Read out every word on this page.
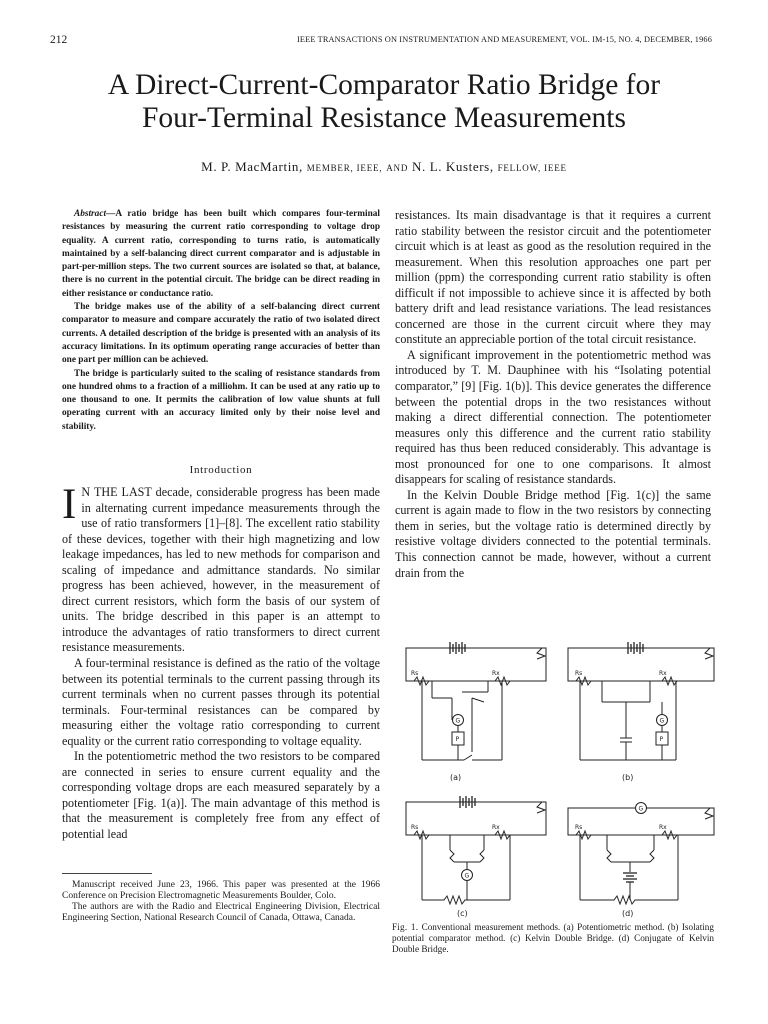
212	IEEE TRANSACTIONS ON INSTRUMENTATION AND MEASUREMENT, VOL. IM-15, NO. 4, DECEMBER, 1966
A Direct-Current-Comparator Ratio Bridge for
Four-Terminal Resistance Measurements
M. P. MacMartin, MEMBER, IEEE, AND N. L. Kusters, FELLOW, IEEE

Abstract—A ratio bridge has been built which compares four-terminal resistances by measuring the current ratio corresponding to voltage drop equality. A current ratio, corresponding to turns ratio, is automatically maintained by a self-balancing direct current comparator and is adjustable in part-per-million steps. The two current sources are isolated so that, at balance, there is no current in the potential circuit. The bridge can be direct reading in either resistance or conductance ratio.

The bridge makes use of the ability of a self-balancing direct current comparator to measure and compare accurately the ratio of two isolated direct currents. A detailed description of the bridge is presented with an analysis of its accuracy limitations. In its optimum operating range accuracies of better than one part per million can be achieved.

The bridge is particularly suited to the scaling of resistance standards from one hundred ohms to a fraction of a milliohm. It can be used at any ratio up to one thousand to one. It permits the calibration of low value shunts at full operating current with an accuracy limited only by their noise level and stability.

Introduction

I N THE LAST decade, considerable progress has been made in alternating current impedance measurements through the use of ratio transformers [1]–[8]. The excellent ratio stability of these devices, together with their high magnetizing and low leakage impedances, has led to new methods for comparison and scaling of impedance and admittance standards. No similar progress has been achieved, however, in the measurement of direct current resistors, which form the basis of our system of units. The bridge described in this paper is an attempt to introduce the advantages of ratio transformers to direct current resistance measurements.

A four-terminal resistance is defined as the ratio of the voltage between its potential terminals to the current passing through its current terminals when no current passes through its potential terminals. Four-terminal resistances can be compared by measuring either the voltage ratio corresponding to current equality or the current ratio corresponding to voltage equality.

In the potentiometric method the two resistors to be compared are connected in series to ensure current equality and the corresponding voltage drops are each measured separately by a potentiometer [Fig. 1(a)]. The main advantage of this method is that the measurement is completely free from any effect of potential lead

Manuscript received June 23, 1966. This paper was presented at the 1966 Conference on Precision Electromagnetic Measurements Boulder, Colo.

The authors are with the Radio and Electrical Engineering Division, Electrical Engineering Section, National Research Council of Canada, Ottawa, Canada.

resistances. Its main disadvantage is that it requires a current ratio stability between the resistor circuit and the potentiometer circuit which is at least as good as the resolution required in the measurement. When this resolution approaches one part per million (ppm) the corresponding current ratio stability is often difficult if not impossible to achieve since it is affected by both battery drift and lead resistance variations. The lead resistances concerned are those in the current circuit where they may constitute an appreciable portion of the total circuit resistance.

A significant improvement in the potentiometric method was introduced by T. M. Dauphinee with his “Isolating potential comparator,” [9] [Fig. 1(b)]. This device generates the difference between the potential drops in the two resistances without making a direct differential connection. The potentiometer measures only this difference and the current ratio stability required has thus been reduced considerably. This advantage is most pronounced for one to one comparisons. It almost disappears for scaling of resistance standards.

In the Kelvin Double Bridge method [Fig. 1(c)] the same current is again made to flow in the two resistors by connecting them in series, but the voltage ratio is determined directly by resistive voltage dividers connected to the potential terminals. This connection cannot be made, however, without a current drain from the

Rs	Rx	Rs	Rx
Rs	Rx	Rs	Rx
G
P
G
P
G
G
(a)	(b)
(c)	(d)
Fig. 1. Conventional measurement methods. (a) Potentiometric method. (b) Isolating potential comparator method. (c) Kelvin Double Bridge. (d) Conjugate of Kelvin Double Bridge.
